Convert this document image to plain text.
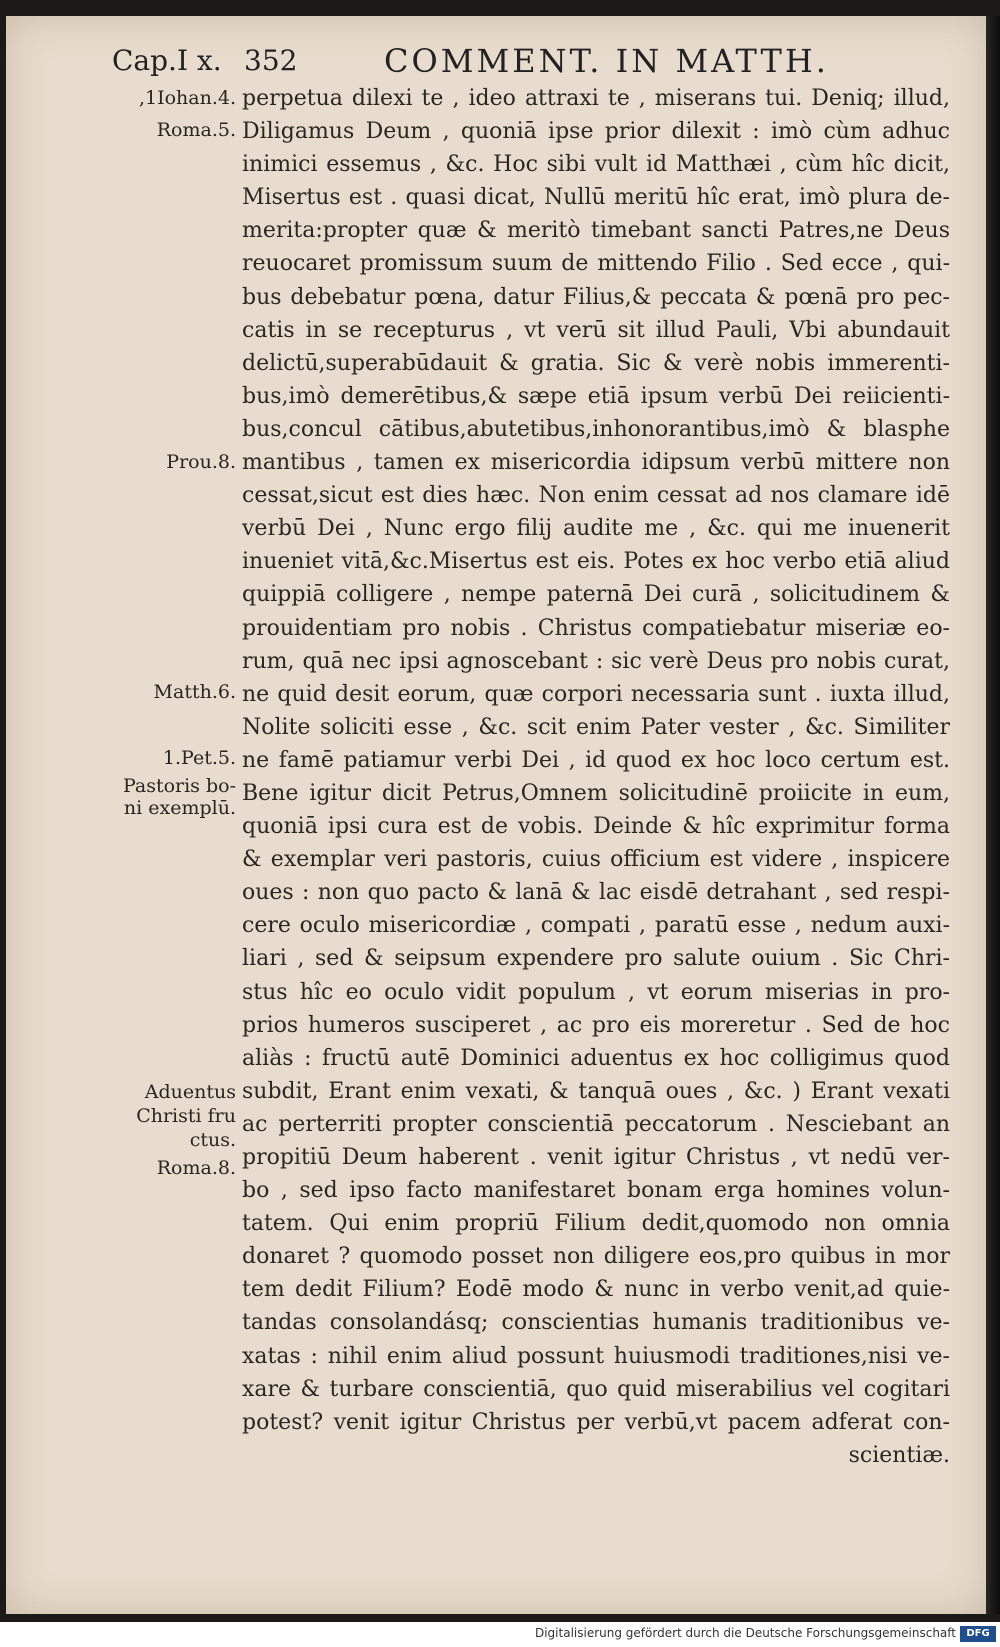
Cap.I x. 352	COMMENT. IN MATTH.
,1Iohan.4.
Roma.5.
Prou.8.
Matth.6.
1.Pet.5.
Pastoris bo-
ni exemplū.
Aduentus
Christi fru
ctus.
Roma.8.
perpetua dilexi te , ideo attraxi te , miserans tui. Deniq; illud,
Diligamus Deum , quoniā ipse prior dilexit : imò cùm adhuc
inimici essemus , &c. Hoc sibi vult id Matthæi , cùm hîc dicit,
Misertus est . quasi dicat, Nullū meritū hîc erat, imò plura de-
merita:propter quæ & meritò timebant sancti Patres,ne Deus
reuocaret promissum suum de mittendo Filio . Sed ecce , qui-
bus debebatur pœna, datur Filius,& peccata & pœnā pro pec-
catis in se recepturus , vt verū sit illud Pauli, Vbi abundauit
delictū,superabūdauit & gratia. Sic & verè nobis immerenti-
bus,imò demerētibus,& sæpe etiā ipsum verbū Dei reiicienti-
bus,concul cātibus,abutetibus,inhonorantibus,imò & blasphe
mantibus , tamen ex misericordia idipsum verbū mittere non
cessat,sicut est dies hæc. Non enim cessat ad nos clamare idē
verbū Dei , Nunc ergo filij audite me , &c. qui me inuenerit
inueniet vitā,&c.Misertus est eis. Potes ex hoc verbo etiā aliud
quippiā colligere , nempe paternā Dei curā , solicitudinem &
prouidentiam pro nobis . Christus compatiebatur miseriæ eo-
rum, quā nec ipsi agnoscebant : sic verè Deus pro nobis curat,
ne quid desit eorum, quæ corpori necessaria sunt . iuxta illud,
Nolite soliciti esse , &c. scit enim Pater vester , &c. Similiter
ne famē patiamur verbi Dei , id quod ex hoc loco certum est.
Bene igitur dicit Petrus,Omnem solicitudinē proiicite in eum,
quoniā ipsi cura est de vobis. Deinde & hîc exprimitur forma
& exemplar veri pastoris, cuius officium est videre , inspicere
oues : non quo pacto & lanā & lac eisdē detrahant , sed respi-
cere oculo misericordiæ , compati , paratū esse , nedum auxi-
liari , sed & seipsum expendere pro salute ouium . Sic Chri-
stus hîc eo oculo vidit populum , vt eorum miserias in pro-
prios humeros susciperet , ac pro eis moreretur . Sed de hoc
aliàs : fructū autē Dominici aduentus ex hoc colligimus quod
subdit, Erant enim vexati, & tanquā oues , &c. ) Erant vexati
ac perterriti propter conscientiā peccatorum . Nesciebant an
propitiū Deum haberent . venit igitur Christus , vt nedū ver-
bo , sed ipso facto manifestaret bonam erga homines volun-
tatem. Qui enim propriū Filium dedit,quomodo non omnia
donaret ? quomodo posset non diligere eos,pro quibus in mor
tem dedit Filium? Eodē modo & nunc in verbo venit,ad quie-
tandas consolandásq; conscientias humanis traditionibus ve-
xatas : nihil enim aliud possunt huiusmodi traditiones,nisi ve-
xare & turbare conscientiā, quo quid miserabilius vel cogitari
potest? venit igitur Christus per verbū,vt pacem adferat con-
scientiæ.
Digitalisierung gefördert durch die Deutsche Forschungsgemeinschaft	DFG
